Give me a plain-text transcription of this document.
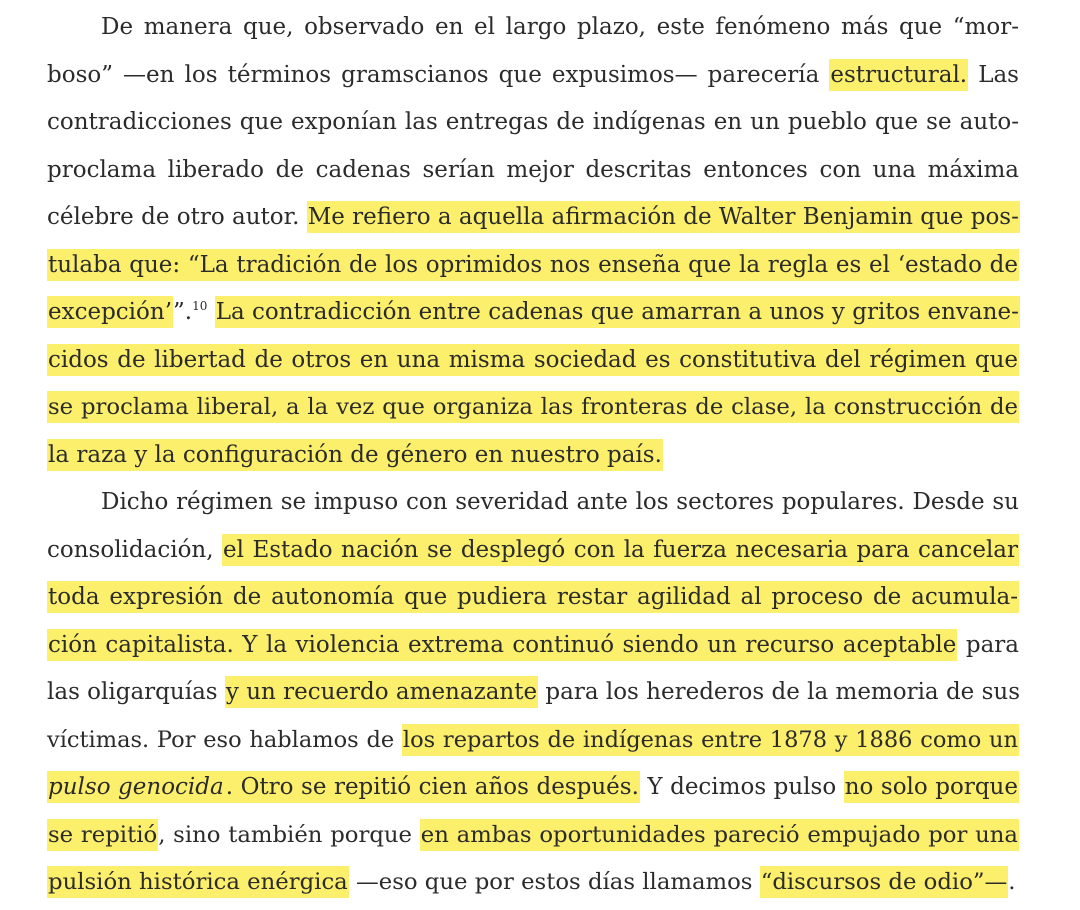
De manera que, observado en el largo plazo, este fenómeno más que “mor-
boso” —en los términos gramscianos que expusimos— parecería estructural. Las
contradicciones que exponían las entregas de indígenas en un pueblo que se auto-
proclama liberado de cadenas serían mejor descritas entonces con una máxima
célebre de otro autor. Me refiero a aquella afirmación de Walter Benjamin que pos-
tulaba que: “La tradición de los oprimidos nos enseña que la regla es el ‘estado de
excepción’”.$^{10}$ La contradicción entre cadenas que amarran a unos y gritos envane-
cidos de libertad de otros en una misma sociedad es constitutiva del régimen que
se proclama liberal, a la vez que organiza las fronteras de clase, la construcción de
la raza y la configuración de género en nuestro país.
Dicho régimen se impuso con severidad ante los sectores populares. Desde su
consolidación, el Estado nación se desplegó con la fuerza necesaria para cancelar
toda expresión de autonomía que pudiera restar agilidad al proceso de acumula-
ción capitalista. Y la violencia extrema continuó siendo un recurso aceptable para
las oligarquías y un recuerdo amenazante para los herederos de la memoria de sus
víctimas. Por eso hablamos de los repartos de indígenas entre 1878 y 1886 como un
pulso genocida. Otro se repitió cien años después. Y decimos pulso no solo porque
se repitió, sino también porque en ambas oportunidades pareció empujado por una
pulsión histórica enérgica —eso que por estos días llamamos “discursos de odio”—.
